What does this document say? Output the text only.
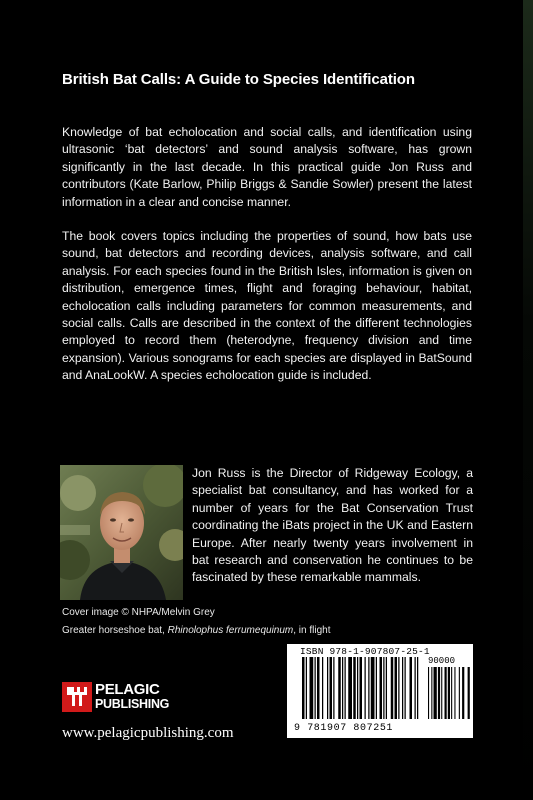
British Bat Calls: A Guide to Species Identification
Knowledge of bat echolocation and social calls, and identification using ultrasonic ‘bat detectors’ and sound analysis software, has grown significantly in the last decade. In this practical guide Jon Russ and contributors (Kate Barlow, Philip Briggs & Sandie Sowler) present the latest information in a clear and concise manner.
The book covers topics including the properties of sound, how bats use sound, bat detectors and recording devices, analysis software, and call analysis. For each species found in the British Isles, information is given on distribution, emergence times, flight and foraging behaviour, habitat, echolocation calls including parameters for common measurements, and social calls. Calls are described in the context of the different technologies employed to record them (heterodyne, frequency division and time expansion). Various sonograms for each species are displayed in BatSound and AnaLookW. A species echolocation guide is included.
Jon Russ is the Director of Ridgeway Ecology, a specialist bat consultancy, and has worked for a number of years for the Bat Conservation Trust coordinating the iBats project in the UK and Eastern Europe. After nearly twenty years involvement in bat research and conservation he continues to be fascinated by these remarkable mammals.
Cover image © NHPA/Melvin Grey
Greater horseshoe bat, Rhinolophus ferrumequinum, in flight
PELAGIC
PUBLISHING
www.pelagicpublishing.com
ISBN 978-1-907807-25-1
90000
9 781907 807251
